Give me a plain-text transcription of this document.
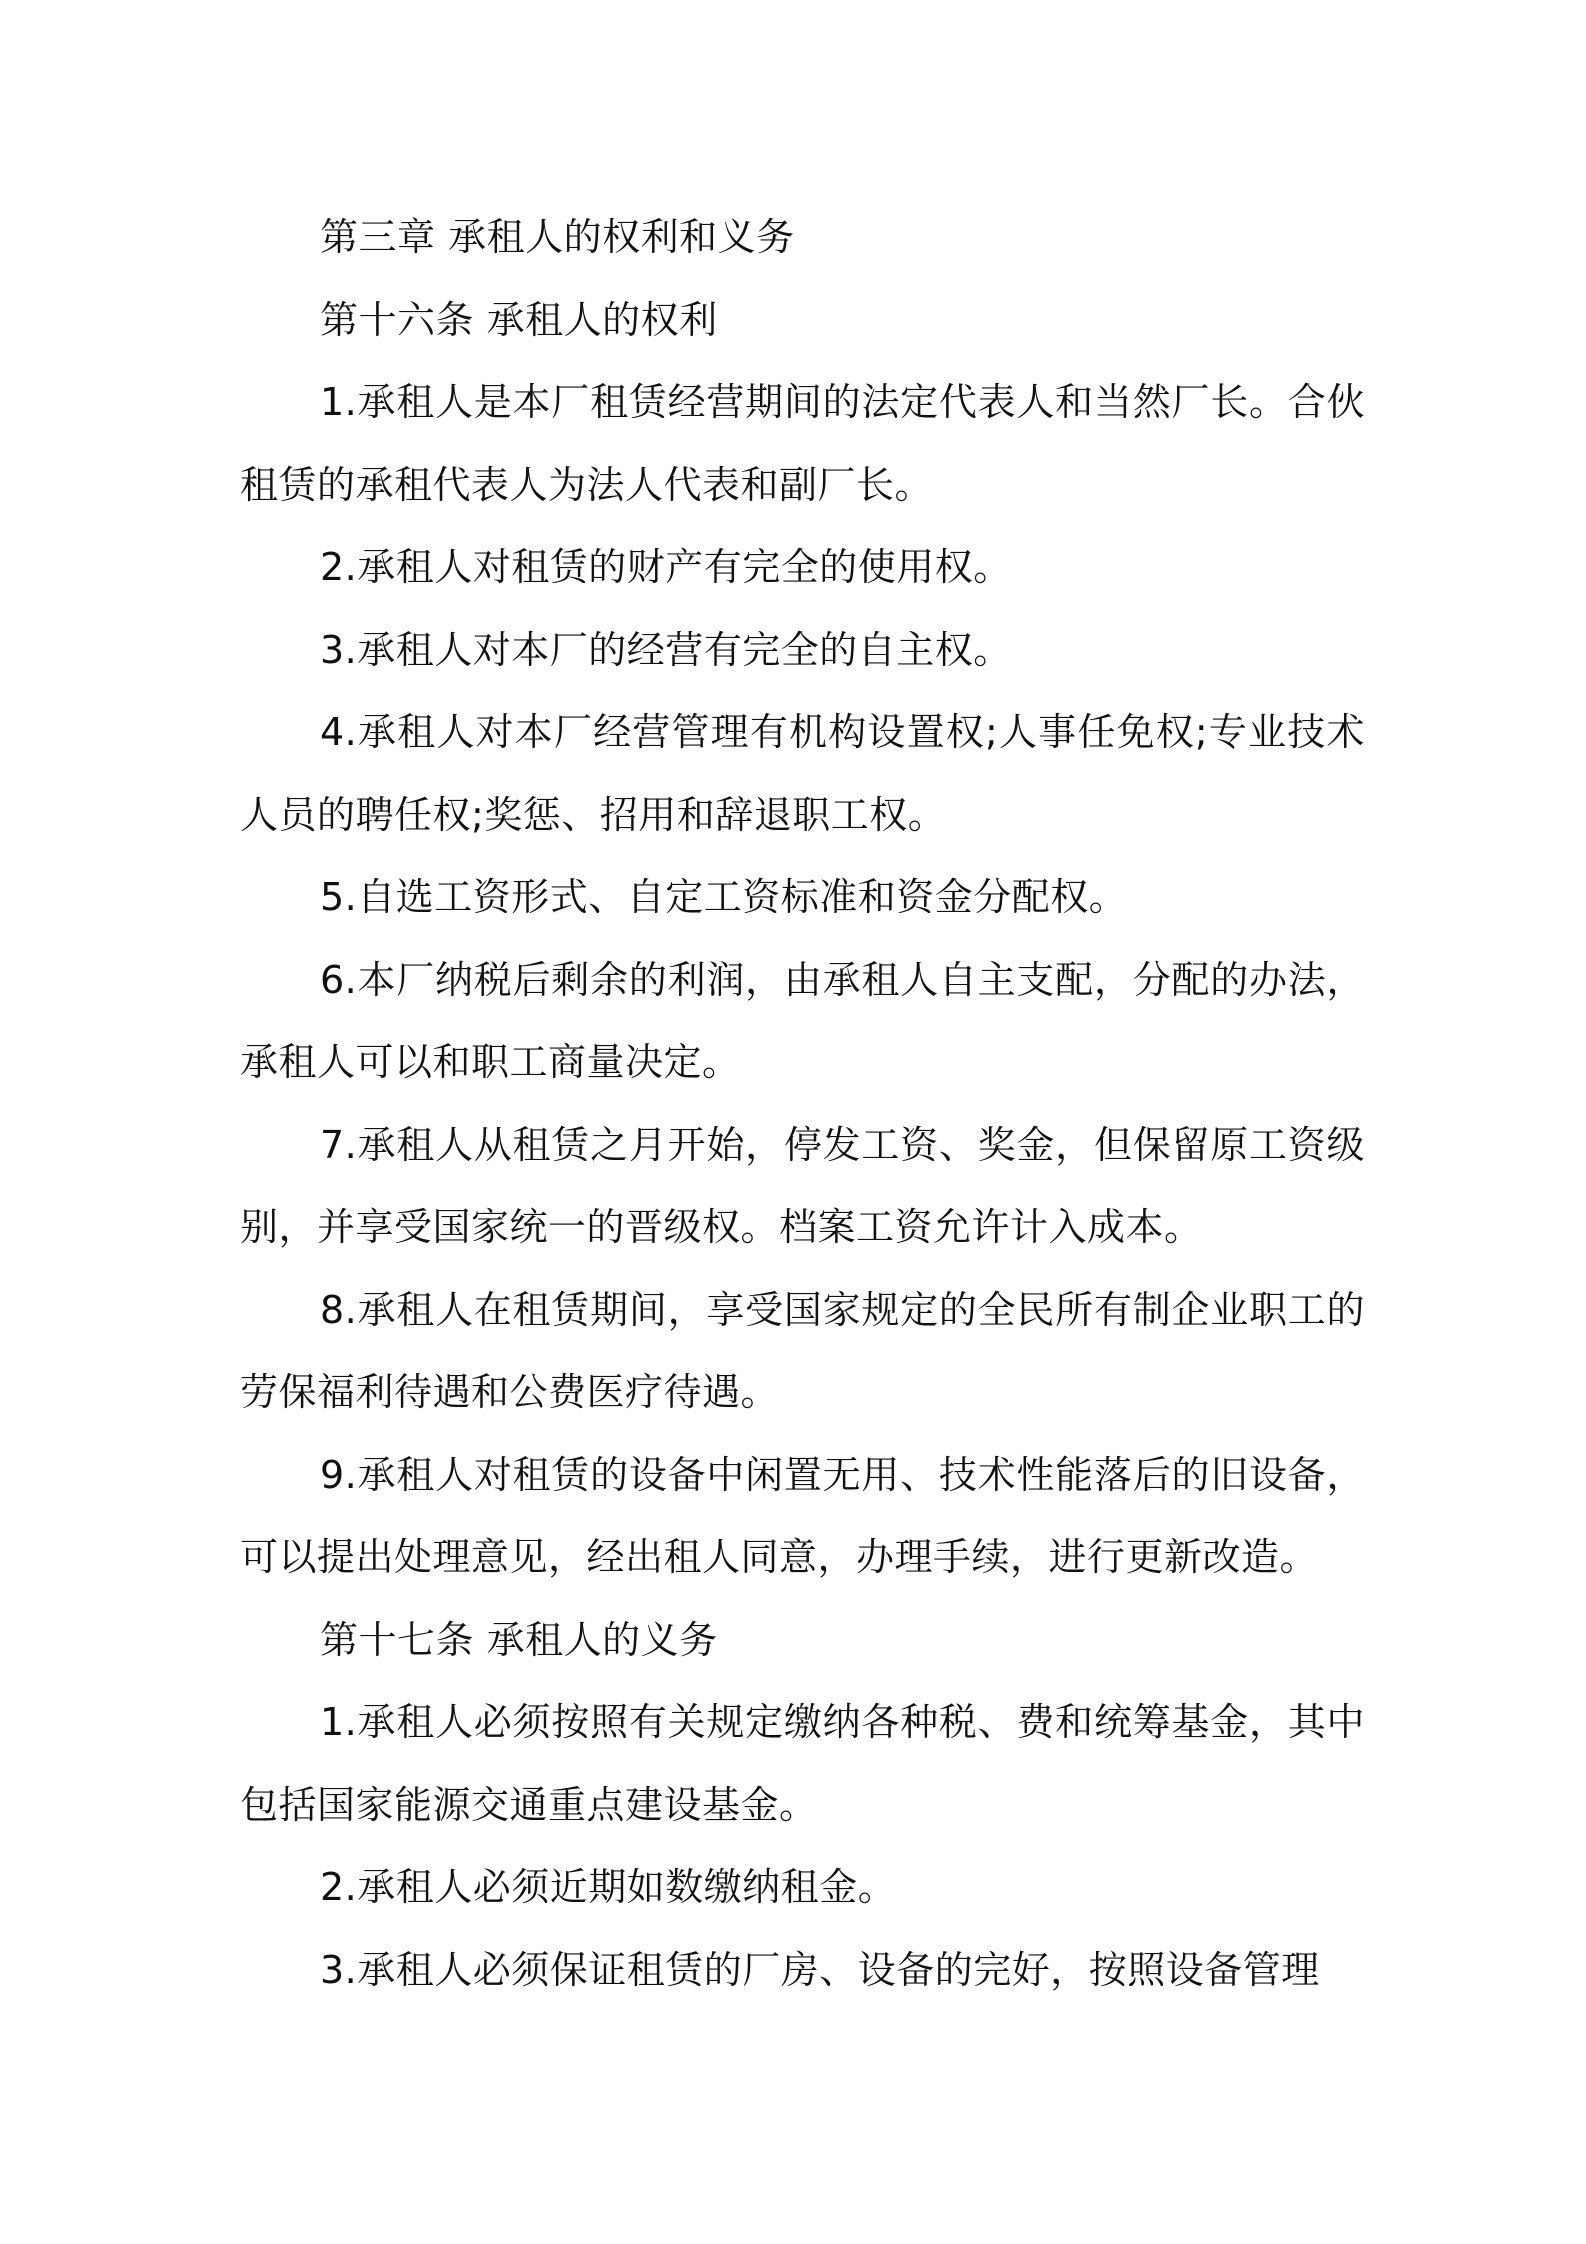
第三章 承租人的权利和义务

第十六条 承租人的权利

1.承租人是本厂租赁经营期间的法定代表人和当然厂长。合伙租赁的承租代表人为法人代表和副厂长。

2.承租人对租赁的财产有完全的使用权。

3.承租人对本厂的经营有完全的自主权。

4.承租人对本厂经营管理有机构设置权;人事任免权;专业技术人员的聘任权;奖惩、招用和辞退职工权。

5.自选工资形式、自定工资标准和资金分配权。

6.本厂纳税后剩余的利润，由承租人自主支配，分配的办法，承租人可以和职工商量决定。

7.承租人从租赁之月开始，停发工资、奖金，但保留原工资级别，并享受国家统一的晋级权。档案工资允许计入成本。

8.承租人在租赁期间，享受国家规定的全民所有制企业职工的劳保福利待遇和公费医疗待遇。

9.承租人对租赁的设备中闲置无用、技术性能落后的旧设备，可以提出处理意见，经出租人同意，办理手续，进行更新改造。

第十七条 承租人的义务

1.承租人必须按照有关规定缴纳各种税、费和统筹基金，其中包括国家能源交通重点建设基金。

2.承租人必须近期如数缴纳租金。

3.承租人必须保证租赁的厂房、设备的完好，按照设备管理
